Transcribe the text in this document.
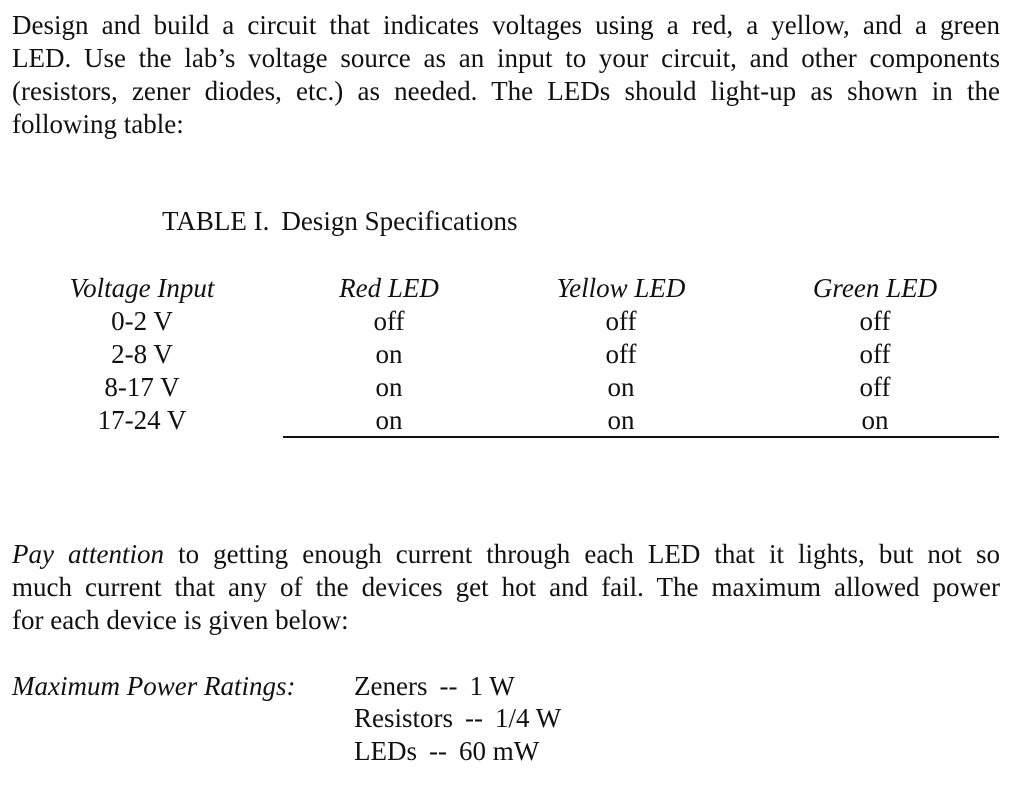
Design and build a circuit that indicates voltages using a red, a yellow, and a green
LED. Use the lab’s voltage source as an input to your circuit, and other components
(resistors, zener diodes, etc.) as needed. The LEDs should light-up as shown in the
following table:
TABLE I. Design Specifications
Voltage Input	Red LED	Yellow LED	Green LED
0-2 V	off	off	off
2-8 V	on	off	off
8-17 V	on	on	off
17-24 V	on	on	on
Pay attention to getting enough current through each LED that it lights, but not so
much current that any of the devices get hot and fail. The maximum allowed power
for each device is given below:
Maximum Power Ratings: Zeners -- 1 W
Resistors -- 1/4 W
LEDs -- 60 mW
